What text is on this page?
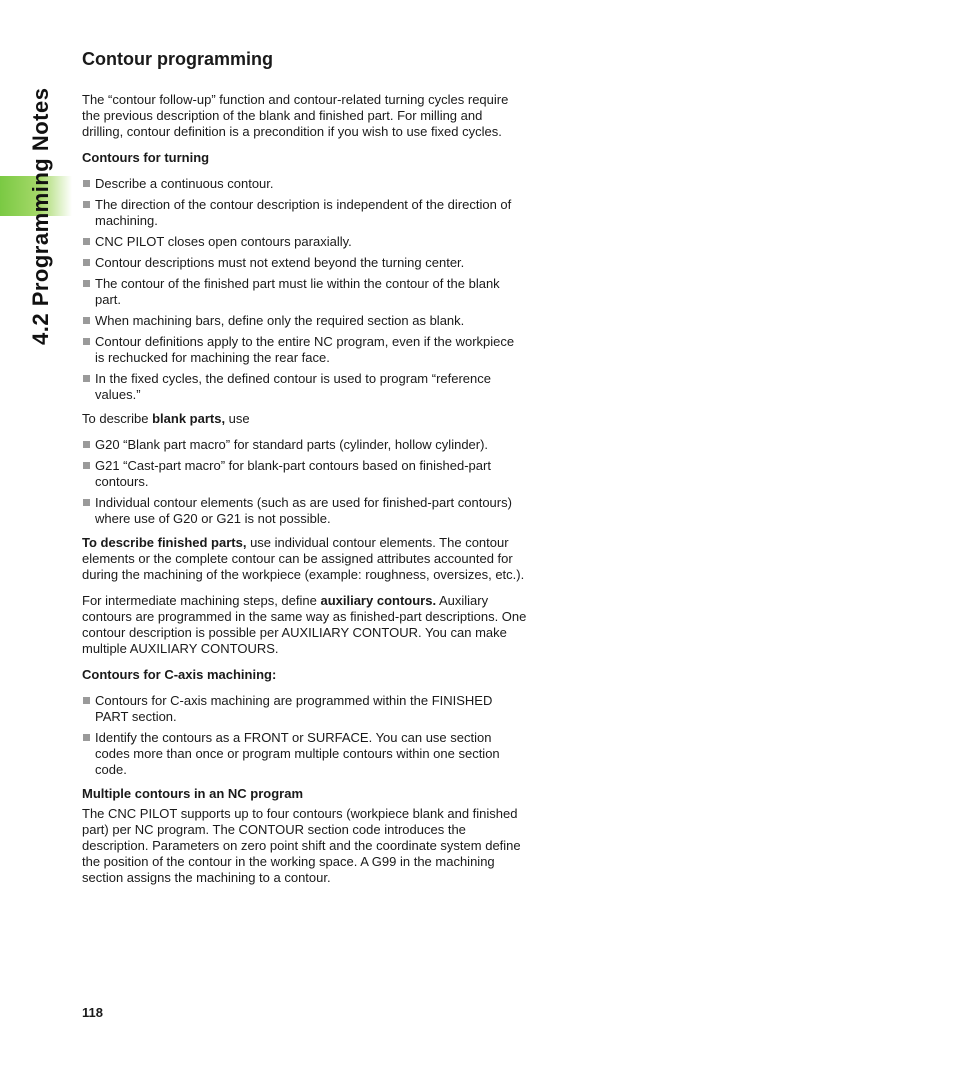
4.2 Programming Notes
Contour programming

The “contour follow-up” function and contour-related turning cycles require the previous description of the blank and finished part. For milling and drilling, contour definition is a precondition if you wish to use fixed cycles.

Contours for turning
Describe a continuous contour.
The direction of the contour description is independent of the direction of machining.
CNC PILOT closes open contours paraxially.
Contour descriptions must not extend beyond the turning center.
The contour of the finished part must lie within the contour of the blank part.
When machining bars, define only the required section as blank.
Contour definitions apply to the entire NC program, even if the workpiece is rechucked for machining the rear face.
In the fixed cycles, the defined contour is used to program “reference values.”

To describe blank parts, use

G20 “Blank part macro” for standard parts (cylinder, hollow cylinder).
G21 “Cast-part macro” for blank-part contours based on finished-part contours.
Individual contour elements (such as are used for finished-part contours) where use of G20 or G21 is not possible.

To describe finished parts, use individual contour elements. The contour elements or the complete contour can be assigned attributes accounted for during the machining of the workpiece (example: roughness, oversizes, etc.).

For intermediate machining steps, define auxiliary contours. Auxiliary contours are programmed in the same way as finished-part descriptions. One contour description is possible per AUXILIARY CONTOUR. You can make multiple AUXILIARY CONTOURS.

Contours for C-axis machining:
Contours for C-axis machining are programmed within the FINISHED PART section.
Identify the contours as a FRONT or SURFACE. You can use section codes more than once or program multiple contours within one section code.
Multiple contours in an NC program

The CNC PILOT supports up to four contours (workpiece blank and finished part) per NC program. The CONTOUR section code introduces the description. Parameters on zero point shift and the coordinate system define the position of the contour in the working space. A G99 in the machining section assigns the machining to a contour.

118
